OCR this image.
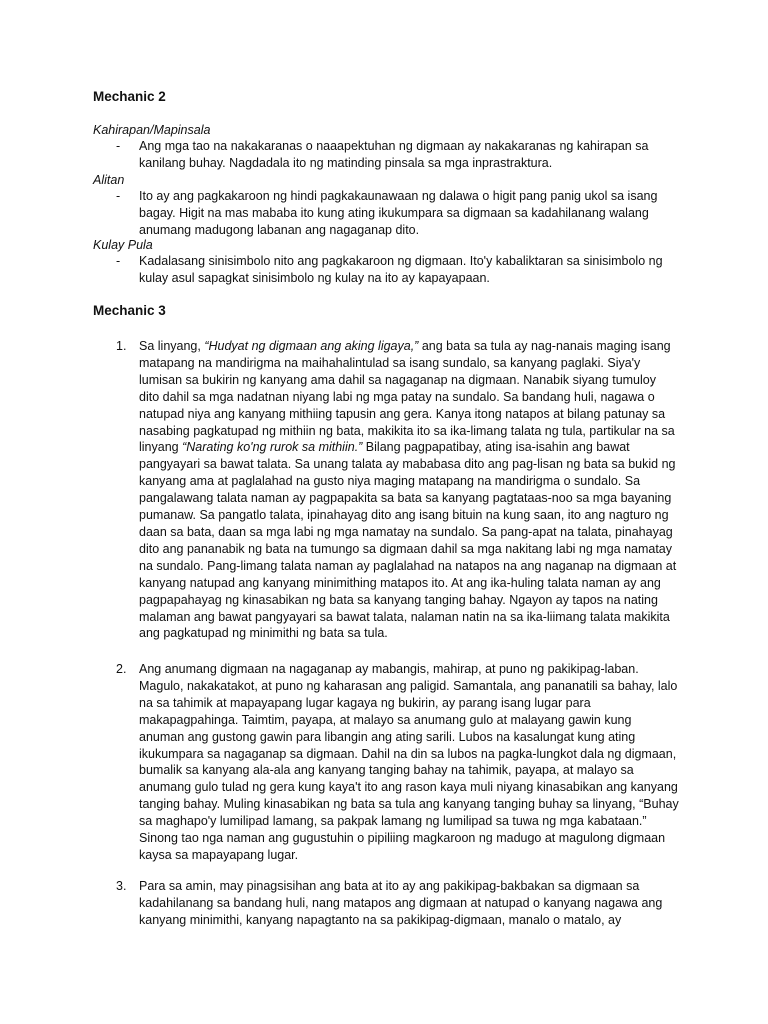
Mechanic 2
Kahirapan/Mapinsala
- Ang mga tao na nakakaranas o naaapektuhan ng digmaan ay nakakaranas ng kahirapan sa kanilang buhay. Nagdadala ito ng matinding pinsala sa mga inprastraktura.
Alitan
- Ito ay ang pagkakaroon ng hindi pagkakaunawaan ng dalawa o higit pang panig ukol sa isang bagay. Higit na mas mababa ito kung ating ikukumpara sa digmaan sa kadahilanang walang anumang madugong labanan ang nagaganap dito.
Kulay Pula
- Kadalasang sinisimbolo nito ang pagkakaroon ng digmaan. Ito'y kabaliktaran sa sinisimbolo ng kulay asul sapagkat sinisimbolo ng kulay na ito ay kapayapaan.
Mechanic 3
1. Sa linyang, “Hudyat ng digmaan ang aking ligaya,” ang bata sa tula ay nag-nanais maging isang matapang na mandirigma na maihahalintulad sa isang sundalo, sa kanyang paglaki. Siya'y lumisan sa bukirin ng kanyang ama dahil sa nagaganap na digmaan. Nanabik siyang tumuloy dito dahil sa mga nadatnan niyang labi ng mga patay na sundalo. Sa bandang huli, nagawa o natupad niya ang kanyang mithiing tapusin ang gera. Kanya itong natapos at bilang patunay sa nasabing pagkatupad ng mithiin ng bata, makikita ito sa ika-limang talata ng tula, partikular na sa linyang “Narating ko'ng rurok sa mithiin.” Bilang pagpapatibay, ating isa-isahin ang bawat pangyayari sa bawat talata. Sa unang talata ay mababasa dito ang pag-lisan ng bata sa bukid ng kanyang ama at paglalahad na gusto niya maging matapang na mandirigma o sundalo. Sa pangalawang talata naman ay pagpapakita sa bata sa kanyang pagtataas-noo sa mga bayaning pumanaw. Sa pangatlo talata, ipinahayag dito ang isang bituin na kung saan, ito ang nagturo ng daan sa bata, daan sa mga labi ng mga namatay na sundalo. Sa pang-apat na talata, pinahayag dito ang pananabik ng bata na tumungo sa digmaan dahil sa mga nakitang labi ng mga namatay na sundalo. Pang-limang talata naman ay paglalahad na natapos na ang naganap na digmaan at kanyang natupad ang kanyang minimithing matapos ito. At ang ika-huling talata naman ay ang pagpapahayag ng kinasabikan ng bata sa kanyang tanging bahay. Ngayon ay tapos na nating malaman ang bawat pangyayari sa bawat talata, nalaman natin na sa ika-liimang talata makikita ang pagkatupad ng minimithi ng bata sa tula.
2. Ang anumang digmaan na nagaganap ay mabangis, mahirap, at puno ng pakikipag-laban. Magulo, nakakatakot, at puno ng kaharasan ang paligid. Samantala, ang pananatili sa bahay, lalo na sa tahimik at mapayapang lugar kagaya ng bukirin, ay parang isang lugar para makapagpahinga. Taimtim, payapa, at malayo sa anumang gulo at malayang gawin kung anuman ang gustong gawin para libangin ang ating sarili. Lubos na kasalungat kung ating ikukumpara sa nagaganap sa digmaan. Dahil na din sa lubos na pagka-lungkot dala ng digmaan, bumalik sa kanyang ala-ala ang kanyang tanging bahay na tahimik, payapa, at malayo sa anumang gulo tulad ng gera kung kaya't ito ang rason kaya muli niyang kinasabikan ang kanyang tanging bahay. Muling kinasabikan ng bata sa tula ang kanyang tanging buhay sa linyang, “Buhay sa maghapo'y lumilipad lamang, sa pakpak lamang ng lumilipad sa tuwa ng mga kabataan.” Sinong tao nga naman ang gugustuhin o pipiliing magkaroon ng madugo at magulong digmaan kaysa sa mapayapang lugar.
3. Para sa amin, may pinagsisihan ang bata at ito ay ang pakikipag-bakbakan sa digmaan sa kadahilanang sa bandang huli, nang matapos ang digmaan at natupad o kanyang nagawa ang kanyang minimithi, kanyang napagtanto na sa pakikipag-digmaan, manalo o matalo, ay
